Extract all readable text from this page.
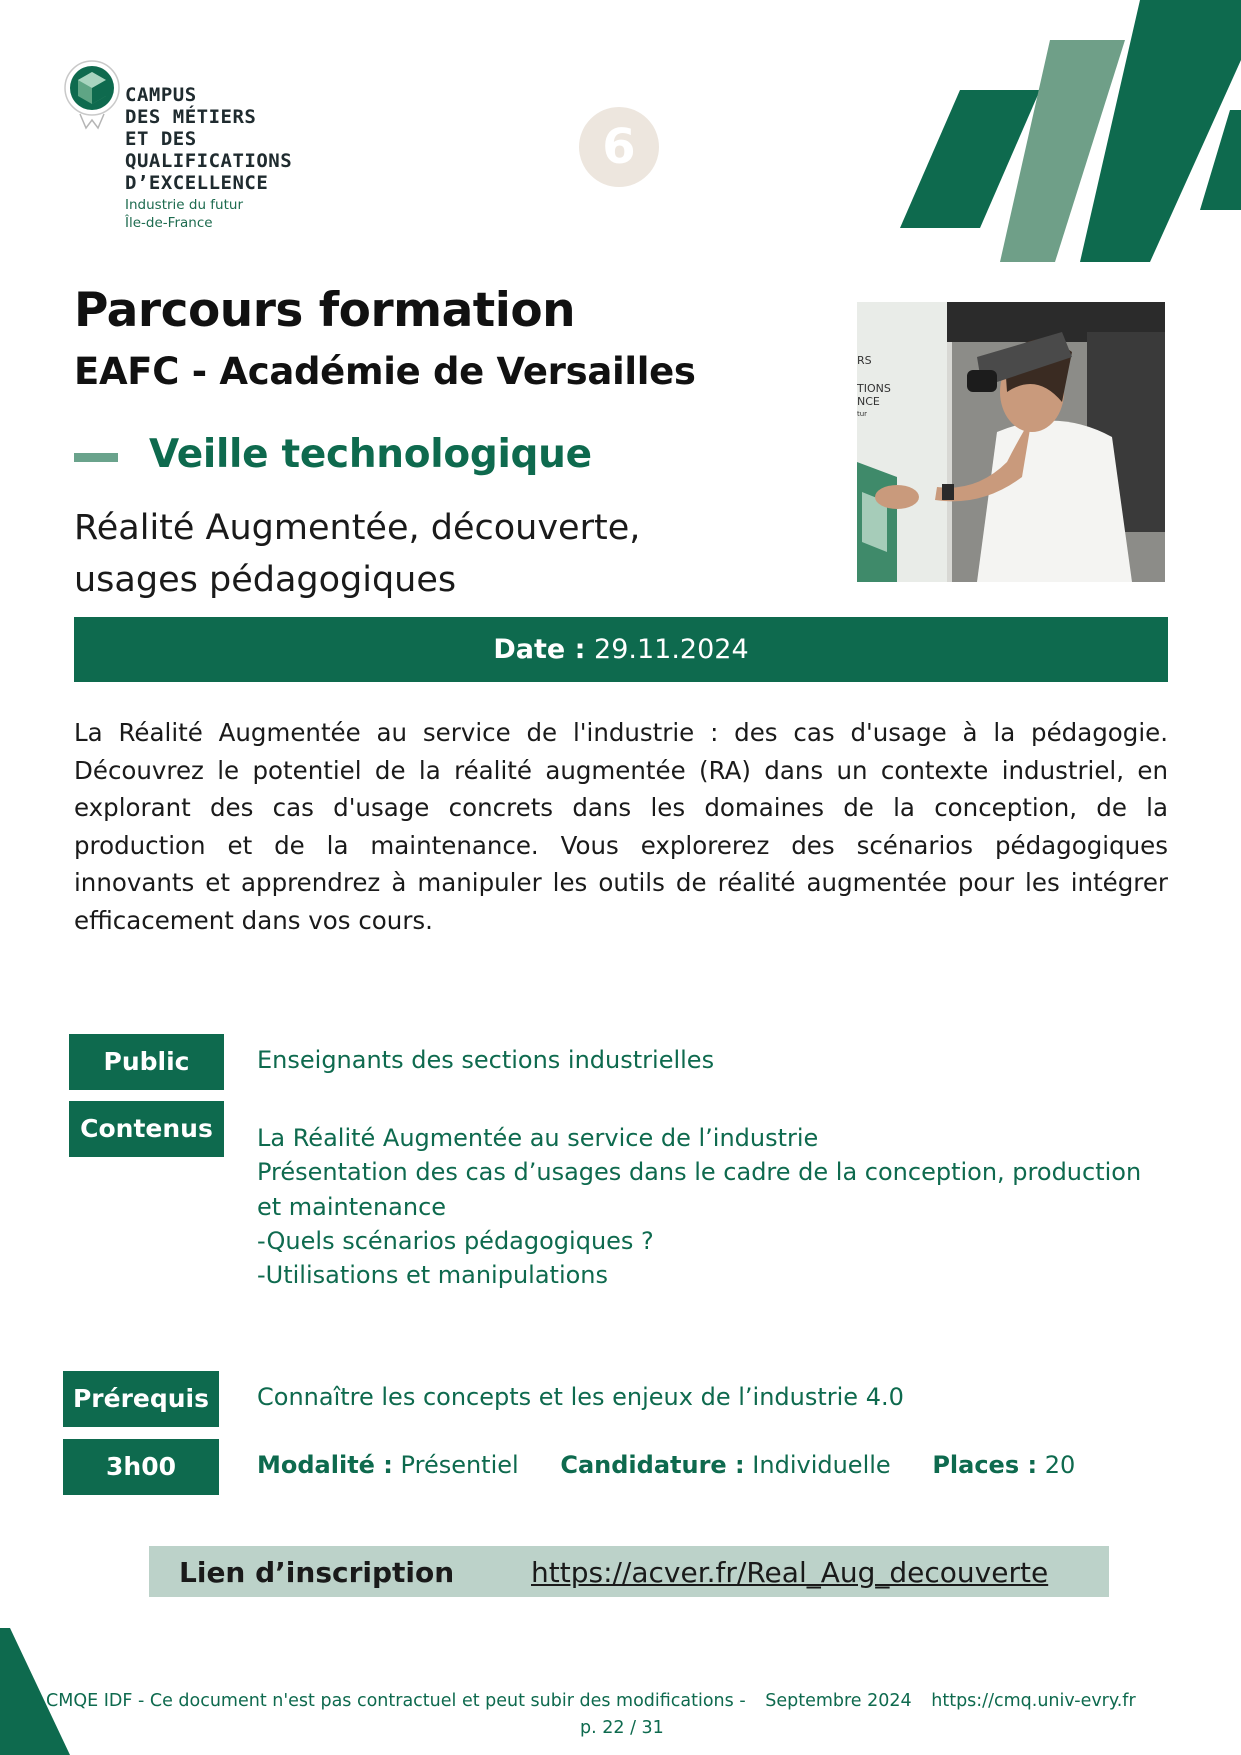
CAMPUS
DES MÉTIERS
ET DES
QUALIFICATIONS
D’EXCELLENCE
Industrie du futur
Île-de-France
6
Parcours formation
EAFC - Académie de Versailles
Veille technologique
Réalité Augmentée, découverte,
usages pédagogiques
RS
TIONS
NCE
tur
Date : 29.11.2024
La Réalité Augmentée au service de l'industrie : des cas d'usage à la pédagogie. Découvrez le potentiel de la réalité augmentée (RA) dans un contexte industriel, en explorant des cas d'usage concrets dans les domaines de la conception, de la production et de la maintenance. Vous explorerez des scénarios pédagogiques innovants et apprendrez à manipuler les outils de réalité augmentée pour les intégrer efficacement dans vos cours.
Public	Enseignants des sections industrielles
Contenus	La Réalité Augmentée au service de l’industrie
Présentation des cas d’usages dans le cadre de la conception, production
et maintenance
-Quels scénarios pédagogiques ?
-Utilisations et manipulations
Prérequis	Connaître les concepts et les enjeux de l’industrie 4.0
3h00	Modalité : Présentiel Candidature : Individuelle Places : 20
Lien d’inscription	https://acver.fr/Real_Aug_decouverte
CMQE IDF - Ce document n'est pas contractuel et peut subir des modifications - Septembre 2024 https://cmq.univ-evry.fr
p. 22 / 31
